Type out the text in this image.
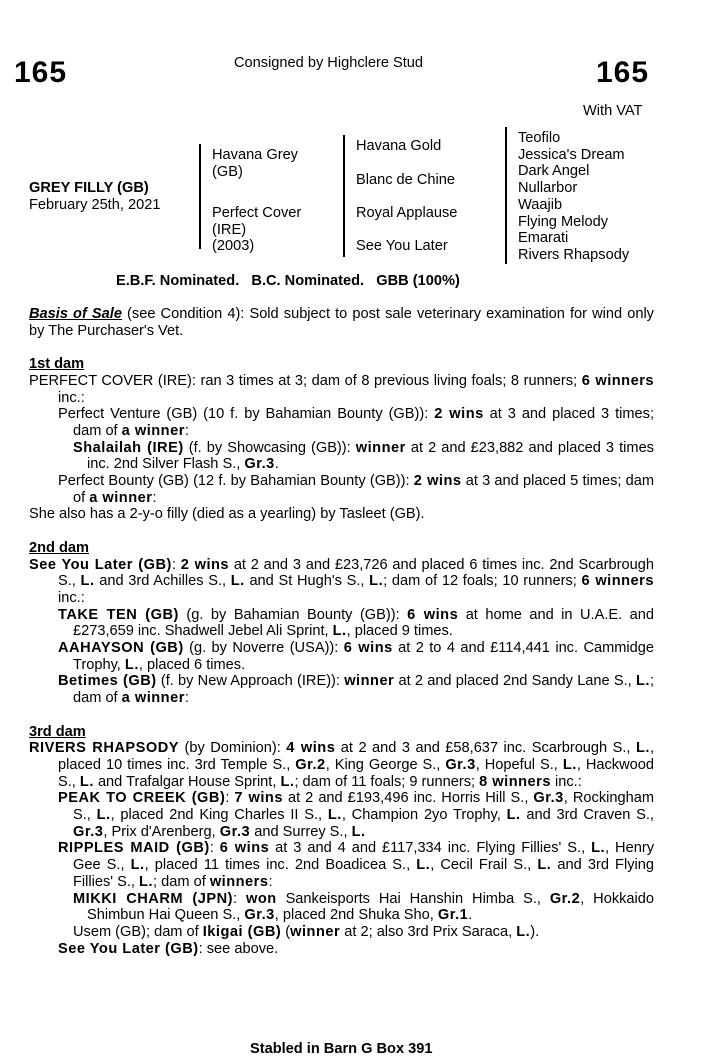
165	Consigned by Highclere Stud	165
With VAT
GREY FILLY (GB)
February 25th, 2021
Havana Grey
(GB)
Perfect Cover
(IRE)
(2003)
Havana Gold
Blanc de Chine
Royal Applause
See You Later
Teofilo
Jessica's Dream
Dark Angel
Nullarbor
Waajib
Flying Melody
Emarati
Rivers Rhapsody
E.B.F. Nominated.   B.C. Nominated.   GBB (100%)

Basis of Sale (see Condition 4): Sold subject to post sale veterinary examination for wind only by The Purchaser's Vet.

1st dam

PERFECT COVER (IRE): ran 3 times at 3; dam of 8 previous living foals; 8 runners; 6 winners inc.:

Perfect Venture (GB) (10 f. by Bahamian Bounty (GB)): 2 wins at 3 and placed 3 times; dam of a winner:

Shalailah (IRE) (f. by Showcasing (GB)): winner at 2 and £23,882 and placed 3 times inc. 2nd Silver Flash S., Gr.3.

Perfect Bounty (GB) (12 f. by Bahamian Bounty (GB)): 2 wins at 3 and placed 5 times; dam of a winner:

She also has a 2-y-o filly (died as a yearling) by Tasleet (GB).

2nd dam

See You Later (GB): 2 wins at 2 and 3 and £23,726 and placed 6 times inc. 2nd Scarbrough S., L. and 3rd Achilles S., L. and St Hugh's S., L.; dam of 12 foals; 10 runners; 6 winners inc.:

TAKE TEN (GB) (g. by Bahamian Bounty (GB)): 6 wins at home and in U.A.E. and £273,659 inc. Shadwell Jebel Ali Sprint, L., placed 9 times.

AAHAYSON (GB) (g. by Noverre (USA)): 6 wins at 2 to 4 and £114,441 inc. Cammidge Trophy, L., placed 6 times.

Betimes (GB) (f. by New Approach (IRE)): winner at 2 and placed 2nd Sandy Lane S., L.; dam of a winner:

3rd dam

RIVERS RHAPSODY (by Dominion): 4 wins at 2 and 3 and £58,637 inc. Scarbrough S., L., placed 10 times inc. 3rd Temple S., Gr.2, King George S., Gr.3, Hopeful S., L., Hackwood S., L. and Trafalgar House Sprint, L.; dam of 11 foals; 9 runners; 8 winners inc.:

PEAK TO CREEK (GB): 7 wins at 2 and £193,496 inc. Horris Hill S., Gr.3, Rockingham S., L., placed 2nd King Charles II S., L., Champion 2yo Trophy, L. and 3rd Craven S., Gr.3, Prix d'Arenberg, Gr.3 and Surrey S., L.

RIPPLES MAID (GB): 6 wins at 3 and 4 and £117,334 inc. Flying Fillies' S., L., Henry Gee S., L., placed 11 times inc. 2nd Boadicea S., L., Cecil Frail S., L. and 3rd Flying Fillies' S., L.; dam of winners:

MIKKI CHARM (JPN): won Sankeisports Hai Hanshin Himba S., Gr.2, Hokkaido Shimbun Hai Queen S., Gr.3, placed 2nd Shuka Sho, Gr.1.

Usem (GB); dam of Ikigai (GB) (winner at 2; also 3rd Prix Saraca, L.).

See You Later (GB): see above.

Stabled in Barn G Box 391
